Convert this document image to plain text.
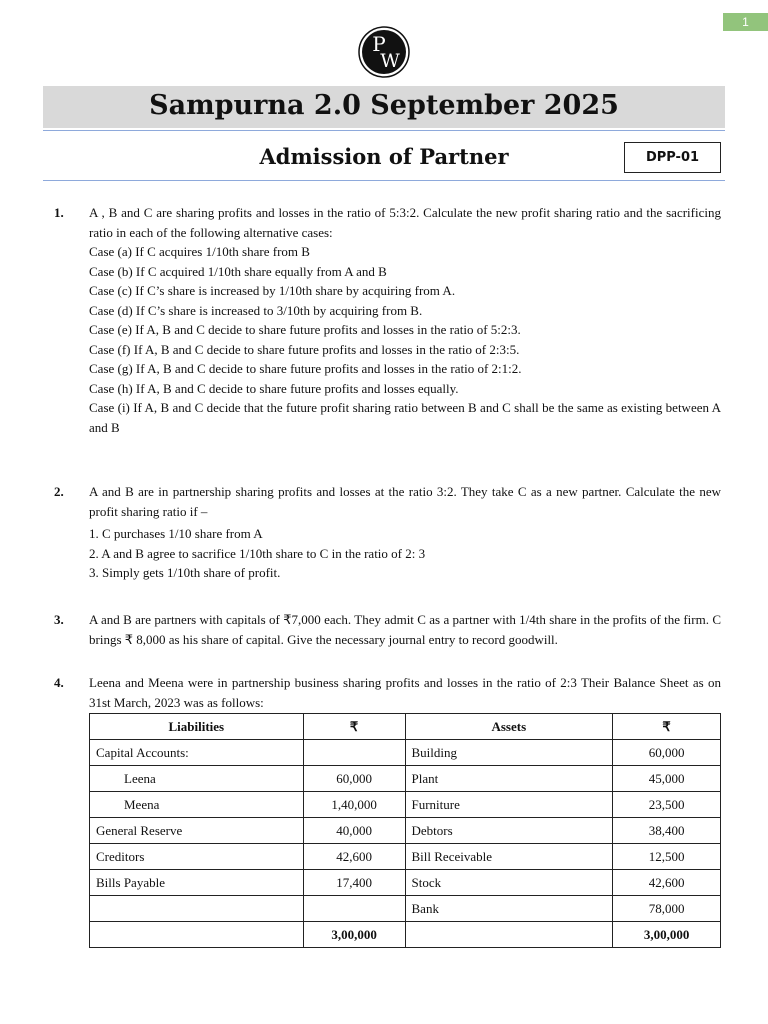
1
P
W
Sampurna 2.0 September 2025
Admission of Partner	DPP-01
1. A , B and C are sharing profits and losses in the ratio of 5:3:2. Calculate the new profit sharing ratio and the sacrificing ratio in each of the following alternative cases:

Case (a) If C acquires 1/10th share from B

Case (b) If C acquired 1/10th share equally from A and B

Case (c) If C’s share is increased by 1/10th share by acquiring from A.

Case (d) If C’s share is increased to 3/10th by acquiring from B.

Case (e) If A, B and C decide to share future profits and losses in the ratio of 5:2:3.

Case (f) If A, B and C decide to share future profits and losses in the ratio of 2:3:5.

Case (g) If A, B and C decide to share future profits and losses in the ratio of 2:1:2.

Case (h) If A, B and C decide to share future profits and losses equally.

Case (i) If A, B and C decide that the future profit sharing ratio between B and C shall be the same as existing between A and B

2. A and B are in partnership sharing profits and losses at the ratio 3:2. They take C as a new partner. Calculate the new profit sharing ratio if –

1. C purchases 1/10 share from A

2. A and B agree to sacrifice 1/10th share to C in the ratio of 2: 3

3. Simply gets 1/10th share of profit.

3. A and B are partners with capitals of ₹7,000 each. They admit C as a partner with 1/4th share in the profits of the firm. C brings ₹ 8,000 as his share of capital. Give the necessary journal entry to record goodwill.

4. Leena and Meena were in partnership business sharing profits and losses in the ratio of 2:3 Their Balance Sheet as on 31st March, 2023 was as follows:

Liabilities	₹	Assets	₹
Capital Accounts:		Building	60,000
Leena	60,000	Plant	45,000
Meena	1,40,000	Furniture	23,500
General Reserve	40,000	Debtors	38,400
Creditors	42,600	Bill Receivable	12,500
Bills Payable	17,400	Stock	42,600
		Bank	78,000
	3,00,000		3,00,000
